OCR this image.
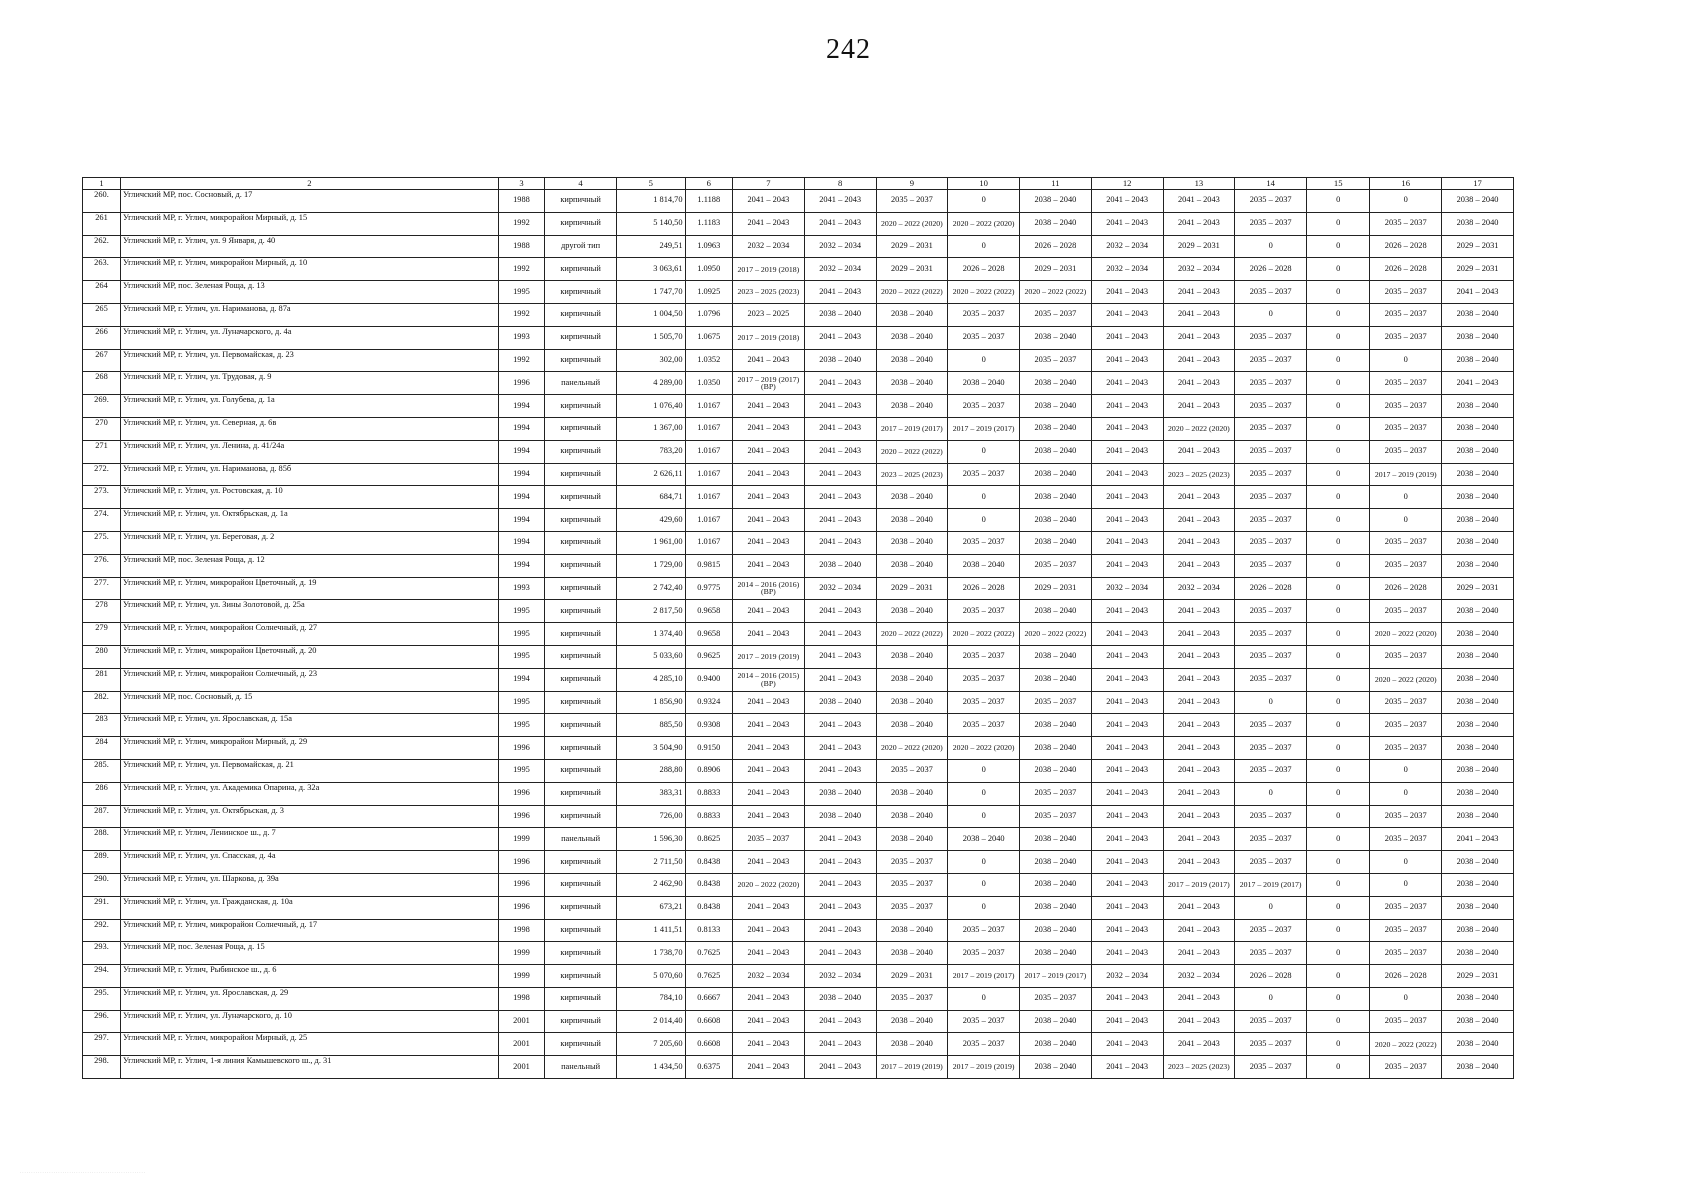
242
1	2	3	4	5	6	7	8	9	10	11	12	13	14	15	16	17
260.	Угличский МР, пос. Сосновый, д. 17	1988	кирпичный	1 814,70	1.1188	2041 – 2043	2041 – 2043	2035 – 2037	0	2038 – 2040	2041 – 2043	2041 – 2043	2035 – 2037	0	0	2038 – 2040
261	Угличский МР, г. Углич, микрорайон Мирный, д. 15	1992	кирпичный	5 140,50	1.1183	2041 – 2043	2041 – 2043	2020 – 2022 (2020)	2020 – 2022 (2020)	2038 – 2040	2041 – 2043	2041 – 2043	2035 – 2037	0	2035 – 2037	2038 – 2040
262.	Угличский МР, г. Углич, ул. 9 Января, д. 40	1988	другой тип	249,51	1.0963	2032 – 2034	2032 – 2034	2029 – 2031	0	2026 – 2028	2032 – 2034	2029 – 2031	0	0	2026 – 2028	2029 – 2031
263.	Угличский МР, г. Углич, микрорайон Мирный, д. 10	1992	кирпичный	3 063,61	1.0950	2017 – 2019 (2018)	2032 – 2034	2029 – 2031	2026 – 2028	2029 – 2031	2032 – 2034	2032 – 2034	2026 – 2028	0	2026 – 2028	2029 – 2031
264	Угличский МР, пос. Зеленая Роща, д. 13	1995	кирпичный	1 747,70	1.0925	2023 – 2025 (2023)	2041 – 2043	2020 – 2022 (2022)	2020 – 2022 (2022)	2020 – 2022 (2022)	2041 – 2043	2041 – 2043	2035 – 2037	0	2035 – 2037	2041 – 2043
265	Угличский МР, г. Углич, ул. Нариманова, д. 87а	1992	кирпичный	1 004,50	1.0796	2023 – 2025	2038 – 2040	2038 – 2040	2035 – 2037	2035 – 2037	2041 – 2043	2041 – 2043	0	0	2035 – 2037	2038 – 2040
266	Угличский МР, г. Углич, ул. Луначарского, д. 4а	1993	кирпичный	1 505,70	1.0675	2017 – 2019 (2018)	2041 – 2043	2038 – 2040	2035 – 2037	2038 – 2040	2041 – 2043	2041 – 2043	2035 – 2037	0	2035 – 2037	2038 – 2040
267	Угличский МР, г. Углич, ул. Первомайская, д. 23	1992	кирпичный	302,00	1.0352	2041 – 2043	2038 – 2040	2038 – 2040	0	2035 – 2037	2041 – 2043	2041 – 2043	2035 – 2037	0	0	2038 – 2040
268	Угличский МР, г. Углич, ул. Трудовая, д. 9	1996	панельный	4 289,00	1.0350	2017 – 2019 (2017) (ВР)	2041 – 2043	2038 – 2040	2038 – 2040	2038 – 2040	2041 – 2043	2041 – 2043	2035 – 2037	0	2035 – 2037	2041 – 2043
269.	Угличский МР, г. Углич, ул. Голубева, д. 1а	1994	кирпичный	1 076,40	1.0167	2041 – 2043	2041 – 2043	2038 – 2040	2035 – 2037	2038 – 2040	2041 – 2043	2041 – 2043	2035 – 2037	0	2035 – 2037	2038 – 2040
270	Угличский МР, г. Углич, ул. Северная, д. 6в	1994	кирпичный	1 367,00	1.0167	2041 – 2043	2041 – 2043	2017 – 2019 (2017)	2017 – 2019 (2017)	2038 – 2040	2041 – 2043	2020 – 2022 (2020)	2035 – 2037	0	2035 – 2037	2038 – 2040
271	Угличский МР, г. Углич, ул. Ленина, д. 41/24а	1994	кирпичный	783,20	1.0167	2041 – 2043	2041 – 2043	2020 – 2022 (2022)	0	2038 – 2040	2041 – 2043	2041 – 2043	2035 – 2037	0	2035 – 2037	2038 – 2040
272.	Угличский МР, г. Углич, ул. Нариманова, д. 85б	1994	кирпичный	2 626,11	1.0167	2041 – 2043	2041 – 2043	2023 – 2025 (2023)	2035 – 2037	2038 – 2040	2041 – 2043	2023 – 2025 (2023)	2035 – 2037	0	2017 – 2019 (2019)	2038 – 2040
273.	Угличский МР, г. Углич, ул. Ростовская, д. 10	1994	кирпичный	684,71	1.0167	2041 – 2043	2041 – 2043	2038 – 2040	0	2038 – 2040	2041 – 2043	2041 – 2043	2035 – 2037	0	0	2038 – 2040
274.	Угличский МР, г. Углич, ул. Октябрьская, д. 1а	1994	кирпичный	429,60	1.0167	2041 – 2043	2041 – 2043	2038 – 2040	0	2038 – 2040	2041 – 2043	2041 – 2043	2035 – 2037	0	0	2038 – 2040
275.	Угличский МР, г. Углич, ул. Береговая, д. 2	1994	кирпичный	1 961,00	1.0167	2041 – 2043	2041 – 2043	2038 – 2040	2035 – 2037	2038 – 2040	2041 – 2043	2041 – 2043	2035 – 2037	0	2035 – 2037	2038 – 2040
276.	Угличский МР, пос. Зеленая Роща, д. 12	1994	кирпичный	1 729,00	0.9815	2041 – 2043	2038 – 2040	2038 – 2040	2038 – 2040	2035 – 2037	2041 – 2043	2041 – 2043	2035 – 2037	0	2035 – 2037	2038 – 2040
277.	Угличский МР, г. Углич, микрорайон Цветочный, д. 19	1993	кирпичный	2 742,40	0.9775	2014 – 2016 (2016) (ВР)	2032 – 2034	2029 – 2031	2026 – 2028	2029 – 2031	2032 – 2034	2032 – 2034	2026 – 2028	0	2026 – 2028	2029 – 2031
278	Угличский МР, г. Углич, ул. Зины Золотовой, д. 25а	1995	кирпичный	2 817,50	0.9658	2041 – 2043	2041 – 2043	2038 – 2040	2035 – 2037	2038 – 2040	2041 – 2043	2041 – 2043	2035 – 2037	0	2035 – 2037	2038 – 2040
279	Угличский МР, г. Углич, микрорайон Солнечный, д. 27	1995	кирпичный	1 374,40	0.9658	2041 – 2043	2041 – 2043	2020 – 2022 (2022)	2020 – 2022 (2022)	2020 – 2022 (2022)	2041 – 2043	2041 – 2043	2035 – 2037	0	2020 – 2022 (2020)	2038 – 2040
280	Угличский МР, г. Углич, микрорайон Цветочный, д. 20	1995	кирпичный	5 033,60	0.9625	2017 – 2019 (2019)	2041 – 2043	2038 – 2040	2035 – 2037	2038 – 2040	2041 – 2043	2041 – 2043	2035 – 2037	0	2035 – 2037	2038 – 2040
281	Угличский МР, г. Углич, микрорайон Солнечный, д. 23	1994	кирпичный	4 285,10	0.9400	2014 – 2016 (2015) (ВР)	2041 – 2043	2038 – 2040	2035 – 2037	2038 – 2040	2041 – 2043	2041 – 2043	2035 – 2037	0	2020 – 2022 (2020)	2038 – 2040
282.	Угличский МР, пос. Сосновый, д. 15	1995	кирпичный	1 856,90	0.9324	2041 – 2043	2038 – 2040	2038 – 2040	2035 – 2037	2035 – 2037	2041 – 2043	2041 – 2043	0	0	2035 – 2037	2038 – 2040
283	Угличский МР, г. Углич, ул. Ярославская, д. 15а	1995	кирпичный	885,50	0.9308	2041 – 2043	2041 – 2043	2038 – 2040	2035 – 2037	2038 – 2040	2041 – 2043	2041 – 2043	2035 – 2037	0	2035 – 2037	2038 – 2040
284	Угличский МР, г. Углич, микрорайон Мирный, д. 29	1996	кирпичный	3 504,90	0.9150	2041 – 2043	2041 – 2043	2020 – 2022 (2020)	2020 – 2022 (2020)	2038 – 2040	2041 – 2043	2041 – 2043	2035 – 2037	0	2035 – 2037	2038 – 2040
285.	Угличский МР, г. Углич, ул. Первомайская, д. 21	1995	кирпичный	288,80	0.8906	2041 – 2043	2041 – 2043	2035 – 2037	0	2038 – 2040	2041 – 2043	2041 – 2043	2035 – 2037	0	0	2038 – 2040
286	Угличский МР, г. Углич, ул. Академика Опарина, д. 32а	1996	кирпичный	383,31	0.8833	2041 – 2043	2038 – 2040	2038 – 2040	0	2035 – 2037	2041 – 2043	2041 – 2043	0	0	0	2038 – 2040
287.	Угличский МР, г. Углич, ул. Октябрьская, д. 3	1996	кирпичный	726,00	0.8833	2041 – 2043	2038 – 2040	2038 – 2040	0	2035 – 2037	2041 – 2043	2041 – 2043	2035 – 2037	0	2035 – 2037	2038 – 2040
288.	Угличский МР, г. Углич, Ленинское ш., д. 7	1999	панельный	1 596,30	0.8625	2035 – 2037	2041 – 2043	2038 – 2040	2038 – 2040	2038 – 2040	2041 – 2043	2041 – 2043	2035 – 2037	0	2035 – 2037	2041 – 2043
289.	Угличский МР, г. Углич, ул. Спасская, д. 4а	1996	кирпичный	2 711,50	0.8438	2041 – 2043	2041 – 2043	2035 – 2037	0	2038 – 2040	2041 – 2043	2041 – 2043	2035 – 2037	0	0	2038 – 2040
290.	Угличский МР, г. Углич, ул. Шаркова, д. 39а	1996	кирпичный	2 462,90	0.8438	2020 – 2022 (2020)	2041 – 2043	2035 – 2037	0	2038 – 2040	2041 – 2043	2017 – 2019 (2017)	2017 – 2019 (2017)	0	0	2038 – 2040
291.	Угличский МР, г. Углич, ул. Гражданская, д. 10а	1996	кирпичный	673,21	0.8438	2041 – 2043	2041 – 2043	2035 – 2037	0	2038 – 2040	2041 – 2043	2041 – 2043	0	0	2035 – 2037	2038 – 2040
292.	Угличский МР, г. Углич, микрорайон Солнечный, д. 17	1998	кирпичный	1 411,51	0.8133	2041 – 2043	2041 – 2043	2038 – 2040	2035 – 2037	2038 – 2040	2041 – 2043	2041 – 2043	2035 – 2037	0	2035 – 2037	2038 – 2040
293.	Угличский МР, пос. Зеленая Роща, д. 15	1999	кирпичный	1 738,70	0.7625	2041 – 2043	2041 – 2043	2038 – 2040	2035 – 2037	2038 – 2040	2041 – 2043	2041 – 2043	2035 – 2037	0	2035 – 2037	2038 – 2040
294.	Угличский МР, г. Углич, Рыбинское ш., д. 6	1999	кирпичный	5 070,60	0.7625	2032 – 2034	2032 – 2034	2029 – 2031	2017 – 2019 (2017)	2017 – 2019 (2017)	2032 – 2034	2032 – 2034	2026 – 2028	0	2026 – 2028	2029 – 2031
295.	Угличский МР, г. Углич, ул. Ярославская, д. 29	1998	кирпичный	784,10	0.6667	2041 – 2043	2038 – 2040	2035 – 2037	0	2035 – 2037	2041 – 2043	2041 – 2043	0	0	0	2038 – 2040
296.	Угличский МР, г. Углич, ул. Луначарского, д. 10	2001	кирпичный	2 014,40	0.6608	2041 – 2043	2041 – 2043	2038 – 2040	2035 – 2037	2038 – 2040	2041 – 2043	2041 – 2043	2035 – 2037	0	2035 – 2037	2038 – 2040
297.	Угличский МР, г. Углич, микрорайон Мирный, д. 25	2001	кирпичный	7 205,60	0.6608	2041 – 2043	2041 – 2043	2038 – 2040	2035 – 2037	2038 – 2040	2041 – 2043	2041 – 2043	2035 – 2037	0	2020 – 2022 (2022)	2038 – 2040
298.	Угличский МР, г. Углич, 1-я линия Камышевского ш., д. 31	2001	панельный	1 434,50	0.6375	2041 – 2043	2041 – 2043	2017 – 2019 (2019)	2017 – 2019 (2019)	2038 – 2040	2041 – 2043	2023 – 2025 (2023)	2035 – 2037	0	2035 – 2037	2038 – 2040
........................................................
